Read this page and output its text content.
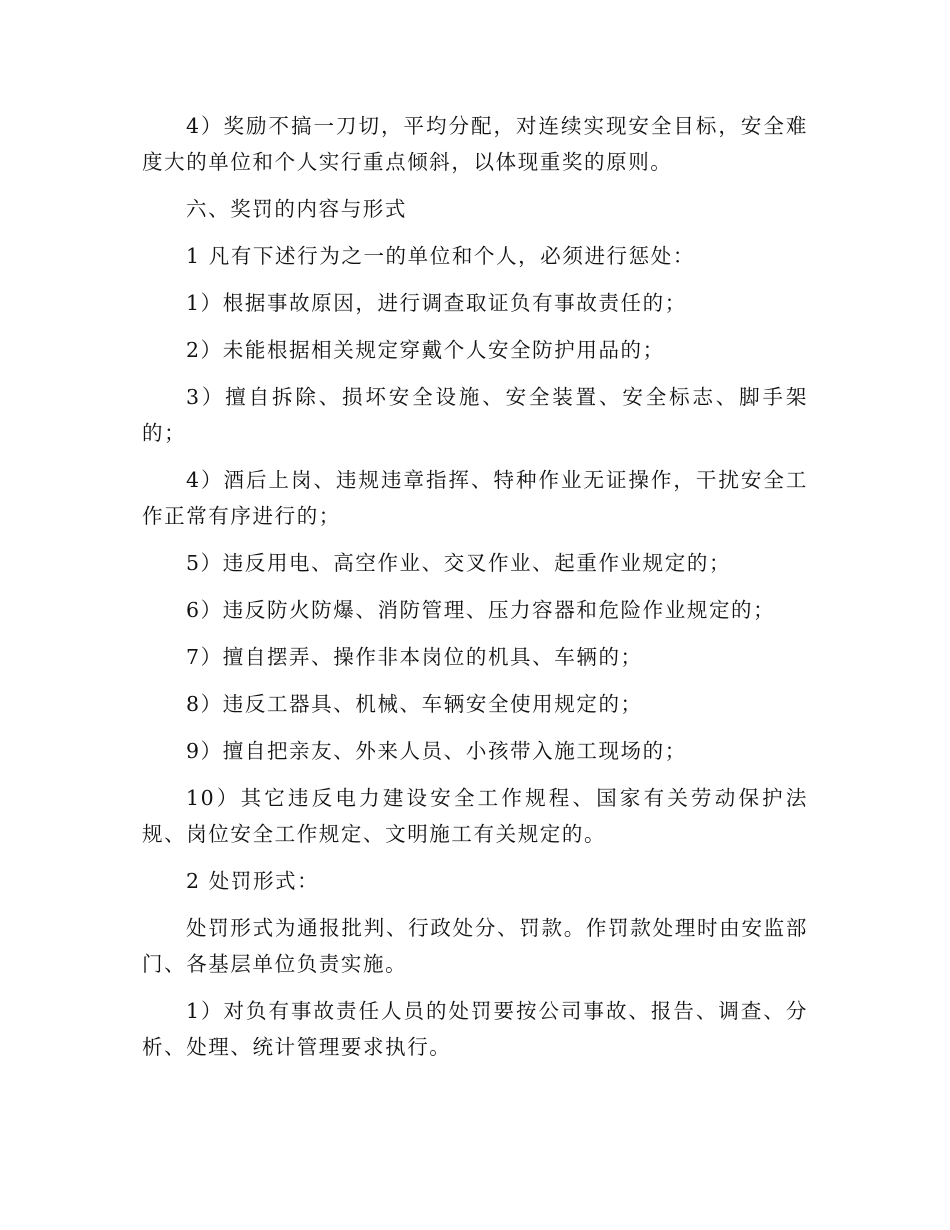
4）奖励不搞一刀切，平均分配，对连续实现安全目标，安全难度大的单位和个人实行重点倾斜，以体现重奖的原则。

六、奖罚的内容与形式

1 凡有下述行为之一的单位和个人，必须进行惩处：

1）根据事故原因，进行调查取证负有事故责任的；

2）未能根据相关规定穿戴个人安全防护用品的；

3）擅自拆除、损坏安全设施、安全装置、安全标志、脚手架的；

4）酒后上岗、违规违章指挥、特种作业无证操作，干扰安全工作正常有序进行的；

5）违反用电、高空作业、交叉作业、起重作业规定的；

6）违反防火防爆、消防管理、压力容器和危险作业规定的；

7）擅自摆弄、操作非本岗位的机具、车辆的；

8）违反工器具、机械、车辆安全使用规定的；

9）擅自把亲友、外来人员、小孩带入施工现场的；

10）其它违反电力建设安全工作规程、国家有关劳动保护法规、岗位安全工作规定、文明施工有关规定的。

2 处罚形式：

处罚形式为通报批判、行政处分、罚款。作罚款处理时由安监部门、各基层单位负责实施。

1）对负有事故责任人员的处罚要按公司事故、报告、调查、分析、处理、统计管理要求执行。
